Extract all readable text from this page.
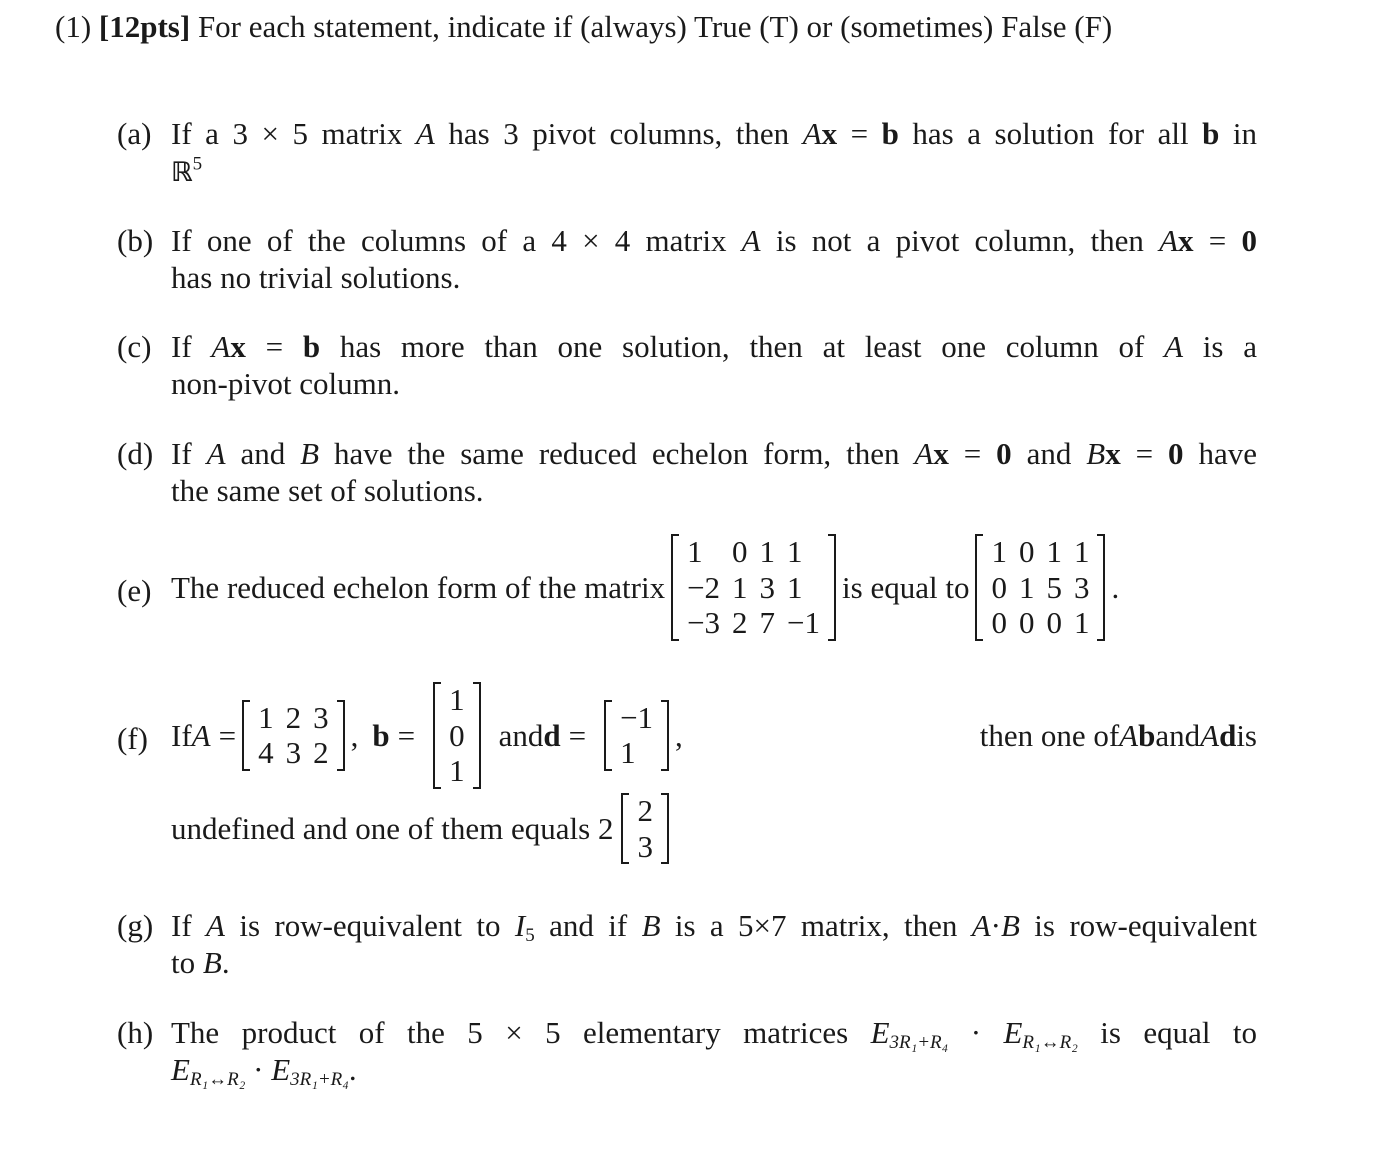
(1) [12pts] For each statement, indicate if (always) True (T) or (sometimes) False (F)
(a) If a 3 × 5 matrix A has 3 pivot columns, then Ax = b has a solution for all b in
ℝ$^5$
(b) If one of the columns of a 4 × 4 matrix A is not a pivot column, then Ax = 0
has no trivial solutions.
(c) If Ax = b has more than one solution, then at least one column of A is a
non-pivot column.
(d) If A and B have the same reduced echelon form, then Ax = 0 and Bx = 0 have
the same set of solutions.
(e) The reduced echelon form of the matrix
1 0 1 1
−2 1 3 1
−3 2 7 −1
is equal to
1 0 1 1
0 1 5 3
0 0 0 1
.
(f) If A =
1 2 3
4 3 2
, b =
1
0
1
and d =
−1
1
,	then one of A b and A d is
undefined and one of them equals 2
2
3
(g) If A is row-equivalent to $I_5$ and if B is a 5×7 matrix, then A·B is row-equivalent
to B.
(h) The product of the 5 × 5 elementary matrices $E_{3R_1+R_4} \cdot E_{R_1\leftrightarrow R_2}$ is equal to
$E_{R_1\leftrightarrow R_2} \cdot E_{3R_1+R_4}$.
